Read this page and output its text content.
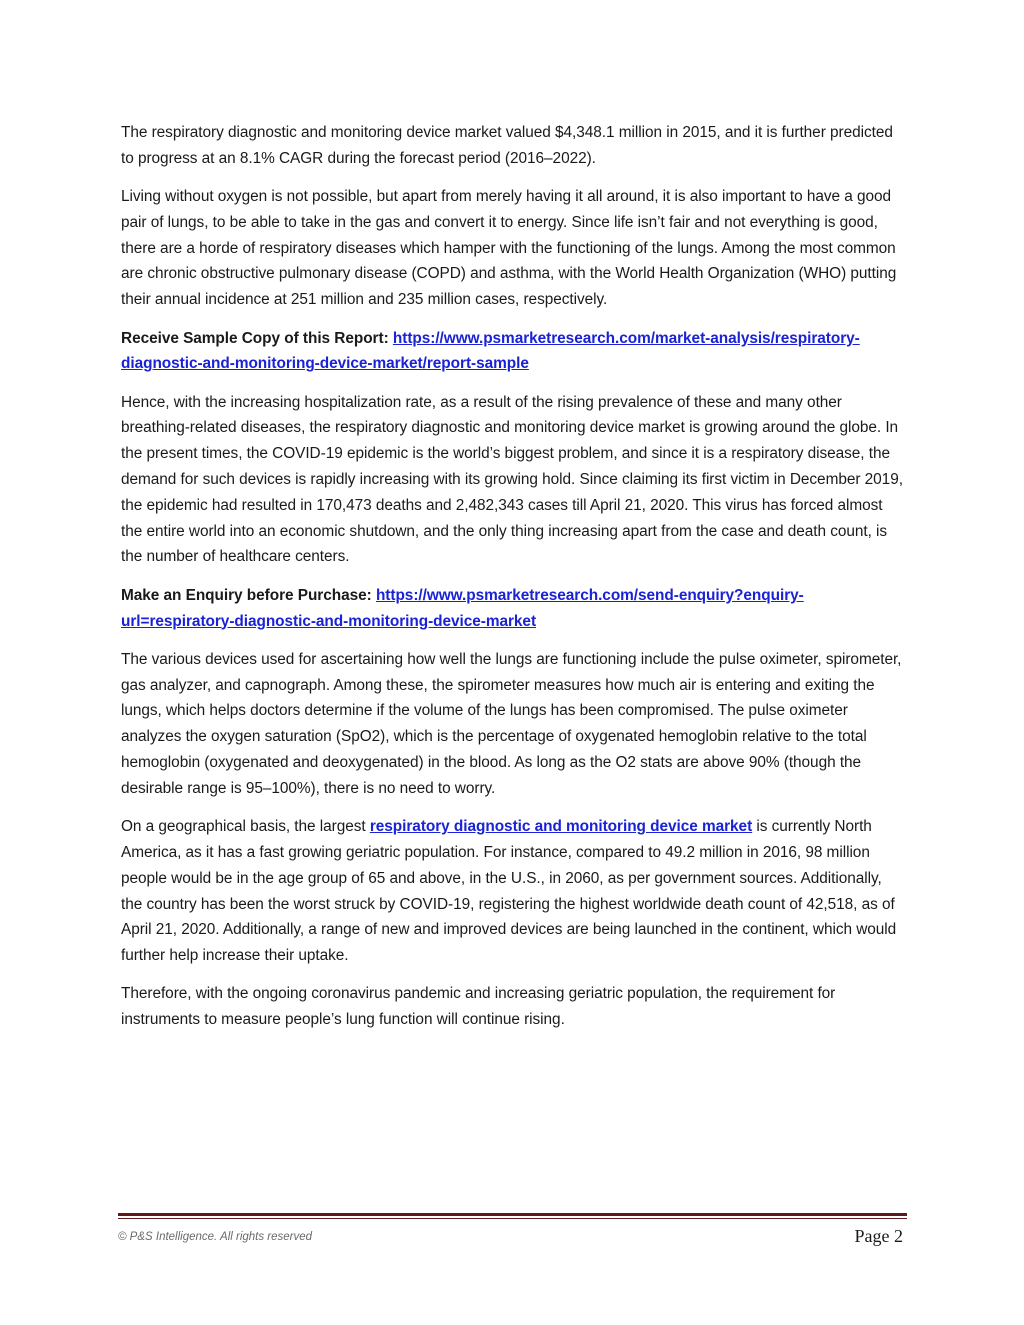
The respiratory diagnostic and monitoring device market valued $4,348.1 million in 2015, and it is further predicted to progress at an 8.1% CAGR during the forecast period (2016–2022).

Living without oxygen is not possible, but apart from merely having it all around, it is also important to have a good pair of lungs, to be able to take in the gas and convert it to energy. Since life isn’t fair and not everything is good, there are a horde of respiratory diseases which hamper with the functioning of the lungs. Among the most common are chronic obstructive pulmonary disease (COPD) and asthma, with the World Health Organization (WHO) putting their annual incidence at 251 million and 235 million cases, respectively.

Receive Sample Copy of this Report: https://www.psmarketresearch.com/market-analysis/respiratory-diagnostic-and-monitoring-device-market/report-sample

Hence, with the increasing hospitalization rate, as a result of the rising prevalence of these and many other breathing-related diseases, the respiratory diagnostic and monitoring device market is growing around the globe. In the present times, the COVID-19 epidemic is the world’s biggest problem, and since it is a respiratory disease, the demand for such devices is rapidly increasing with its growing hold. Since claiming its first victim in December 2019, the epidemic had resulted in 170,473 deaths and 2,482,343 cases till April 21, 2020. This virus has forced almost the entire world into an economic shutdown, and the only thing increasing apart from the case and death count, is the number of healthcare centers.

Make an Enquiry before Purchase: https://www.psmarketresearch.com/send-enquiry?enquiry-url=respiratory-diagnostic-and-monitoring-device-market

The various devices used for ascertaining how well the lungs are functioning include the pulse oximeter, spirometer, gas analyzer, and capnograph. Among these, the spirometer measures how much air is entering and exiting the lungs, which helps doctors determine if the volume of the lungs has been compromised. The pulse oximeter analyzes the oxygen saturation (SpO2), which is the percentage of oxygenated hemoglobin relative to the total hemoglobin (oxygenated and deoxygenated) in the blood. As long as the O2 stats are above 90% (though the desirable range is 95–100%), there is no need to worry.

On a geographical basis, the largest respiratory diagnostic and monitoring device market is currently North America, as it has a fast growing geriatric population. For instance, compared to 49.2 million in 2016, 98 million people would be in the age group of 65 and above, in the U.S., in 2060, as per government sources. Additionally, the country has been the worst struck by COVID-19, registering the highest worldwide death count of 42,518, as of April 21, 2020. Additionally, a range of new and improved devices are being launched in the continent, which would further help increase their uptake.

Therefore, with the ongoing coronavirus pandemic and increasing geriatric population, the requirement for instruments to measure people’s lung function will continue rising.

© P&S Intelligence. All rights reserved	Page 2
